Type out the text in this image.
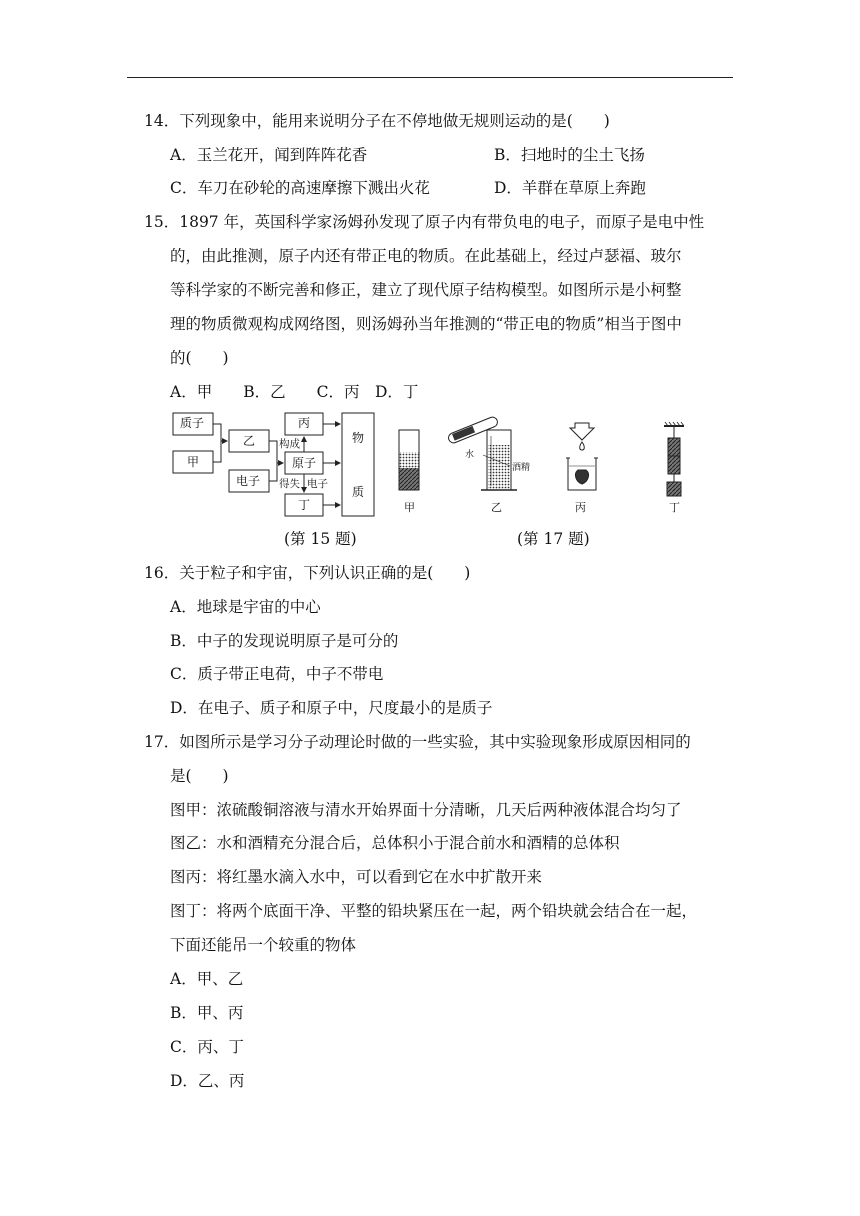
14．下列现象中，能用来说明分子在不停地做无规则运动的是(　　)
A．玉兰花开，闻到阵阵花香	B．扫地时的尘土飞扬
C．车刀在砂轮的高速摩擦下溅出火花	D．羊群在草原上奔跑
15．1897 年，英国科学家汤姆孙发现了原子内有带负电的电子，而原子是电中性
的，由此推测，原子内还有带正电的物质。在此基础上，经过卢瑟福、玻尔
等科学家的不断完善和修正，建立了现代原子结构模型。如图所示是小柯整
理的物质微观构成网络图，则汤姆孙当年推测的“带正电的物质”相当于图中
的(　　)
A．甲　　B．乙　　C．丙　D．丁
质子
甲
乙
电子
丙
原子
丁
物
质
构成
得失 电子
(第 15 题)
甲	乙	丙	丁
水
酒精
(第 17 题)
16．关于粒子和宇宙，下列认识正确的是(　　)
A．地球是宇宙的中心
B．中子的发现说明原子是可分的
C．质子带正电荷，中子不带电
D．在电子、质子和原子中，尺度最小的是质子
17．如图所示是学习分子动理论时做的一些实验，其中实验现象形成原因相同的
是(　　)
图甲：浓硫酸铜溶液与清水开始界面十分清晰，几天后两种液体混合均匀了
图乙：水和酒精充分混合后，总体积小于混合前水和酒精的总体积
图丙：将红墨水滴入水中，可以看到它在水中扩散开来
图丁：将两个底面干净、平整的铅块紧压在一起，两个铅块就会结合在一起，
下面还能吊一个较重的物体
A．甲、乙
B．甲、丙
C．丙、丁
D．乙、丙
